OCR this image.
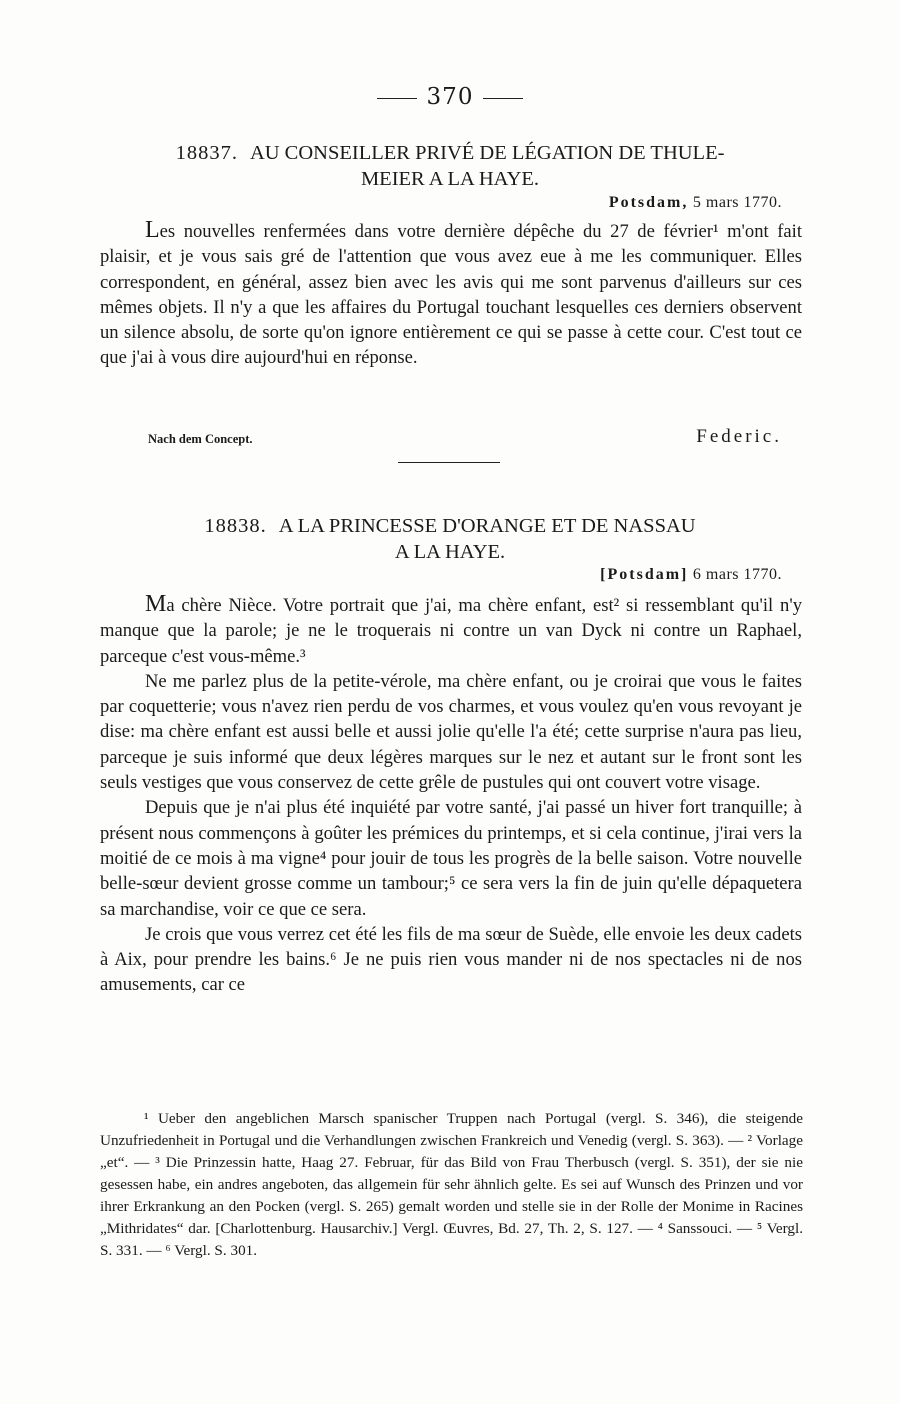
370
18837. AU CONSEILLER PRIVÉ DE LÉGATION DE THULE-
MEIER A LA HAYE.
Potsdam, 5 mars 1770.

Les nouvelles renfermées dans votre dernière dépêche du 27 de février¹ m'ont fait plaisir, et je vous sais gré de l'attention que vous avez eue à me les communiquer. Elles correspondent, en général, assez bien avec les avis qui me sont parvenus d'ailleurs sur ces mêmes objets. Il n'y a que les affaires du Portugal touchant lesquelles ces derniers observent un silence absolu, de sorte qu'on ignore entièrement ce qui se passe à cette cour. C'est tout ce que j'ai à vous dire aujourd'hui en réponse.

Nach dem Concept.	Federic.
18838. A LA PRINCESSE D'ORANGE ET DE NASSAU
A LA HAYE.
[Potsdam] 6 mars 1770.

Ma chère Nièce. Votre portrait que j'ai, ma chère enfant, est² si ressemblant qu'il n'y manque que la parole; je ne le troquerais ni contre un van Dyck ni contre un Raphael, parceque c'est vous-même.³

Ne me parlez plus de la petite-vérole, ma chère enfant, ou je croirai que vous le faites par coquetterie; vous n'avez rien perdu de vos charmes, et vous voulez qu'en vous revoyant je dise: ma chère enfant est aussi belle et aussi jolie qu'elle l'a été; cette surprise n'aura pas lieu, parceque je suis informé que deux légères marques sur le nez et autant sur le front sont les seuls vestiges que vous conservez de cette grêle de pustules qui ont couvert votre visage.

Depuis que je n'ai plus été inquiété par votre santé, j'ai passé un hiver fort tranquille; à présent nous commençons à goûter les prémices du printemps, et si cela continue, j'irai vers la moitié de ce mois à ma vigne⁴ pour jouir de tous les progrès de la belle saison. Votre nouvelle belle-sœur devient grosse comme un tambour;⁵ ce sera vers la fin de juin qu'elle dépaquetera sa marchandise, voir ce que ce sera.

Je crois que vous verrez cet été les fils de ma sœur de Suède, elle envoie les deux cadets à Aix, pour prendre les bains.⁶ Je ne puis rien vous mander ni de nos spectacles ni de nos amusements, car ce

¹ Ueber den angeblichen Marsch spanischer Truppen nach Portugal (vergl. S. 346), die steigende Unzufriedenheit in Portugal und die Verhandlungen zwischen Frankreich und Venedig (vergl. S. 363). — ² Vorlage „et“. — ³ Die Prinzessin hatte, Haag 27. Februar, für das Bild von Frau Therbusch (vergl. S. 351), der sie nie gesessen habe, ein andres angeboten, das allgemein für sehr ähnlich gelte. Es sei auf Wunsch des Prinzen und vor ihrer Erkrankung an den Pocken (vergl. S. 265) gemalt worden und stelle sie in der Rolle der Monime in Racines „Mithridates“ dar. [Charlottenburg. Hausarchiv.] Vergl. Œuvres, Bd. 27, Th. 2, S. 127. — ⁴ Sanssouci. — ⁵ Vergl. S. 331. — ⁶ Vergl. S. 301.
